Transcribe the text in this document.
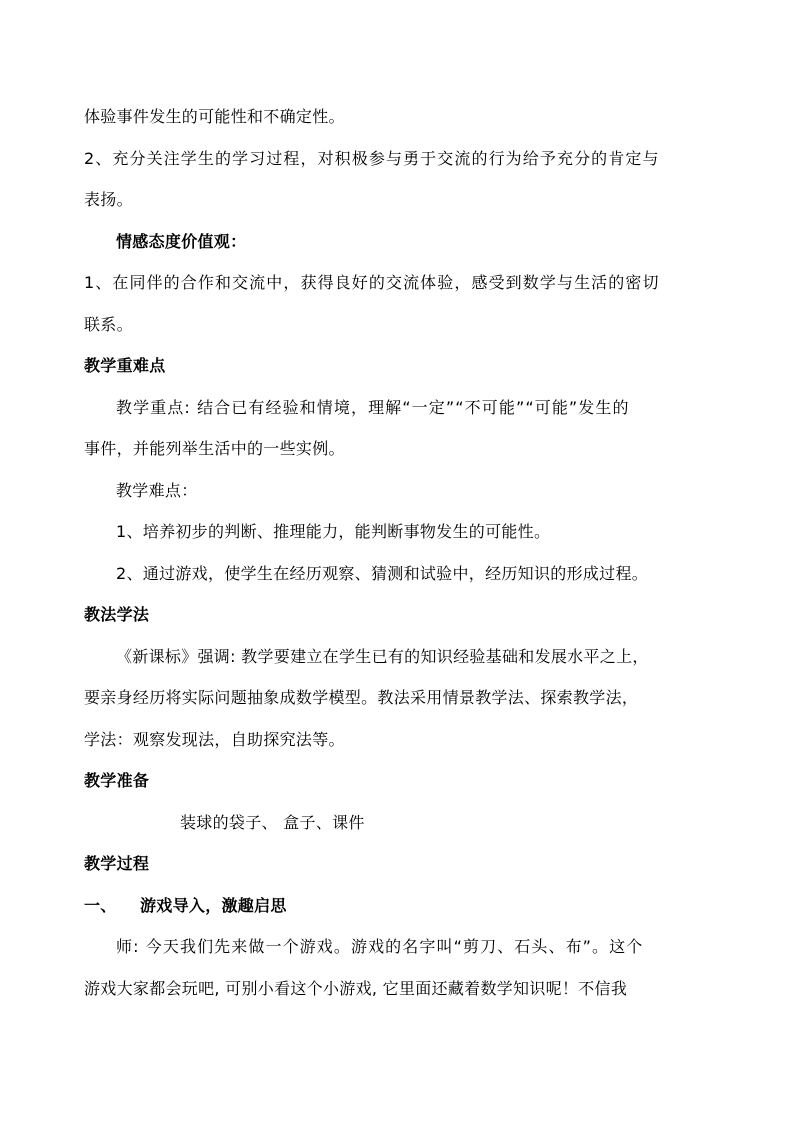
体验事件发生的可能性和不确定性。
2、充分关注学生的学习过程，对积极参与勇于交流的行为给予充分的肯定与
表扬。
情感态度价值观：
1、在同伴的合作和交流中，获得良好的交流体验，感受到数学与生活的密切
联系。
教学重难点
教学重点: 结合已有经验和情境，理解“一定”“不可能”“可能”发生的
事件，并能列举生活中的一些实例。
教学难点：
1、培养初步的判断、推理能力，能判断事物发生的可能性。
2、通过游戏，使学生在经历观察、猜测和试验中，经历知识的形成过程。
教法学法
《新课标》强调: 教学要建立在学生已有的知识经验基础和发展水平之上，
要亲身经历将实际问题抽象成数学模型。教法采用情景教学法、探索教学法，
学法：观察发现法，自助探究法等。
教学准备
装球的袋子、 盒子、课件
教学过程
一、	游戏导入，激趣启思
师: 今天我们先来做一个游戏。游戏的名字叫“剪刀、石头、布”。这个
游戏大家都会玩吧, 可别小看这个小游戏, 它里面还藏着数学知识呢！不信我
